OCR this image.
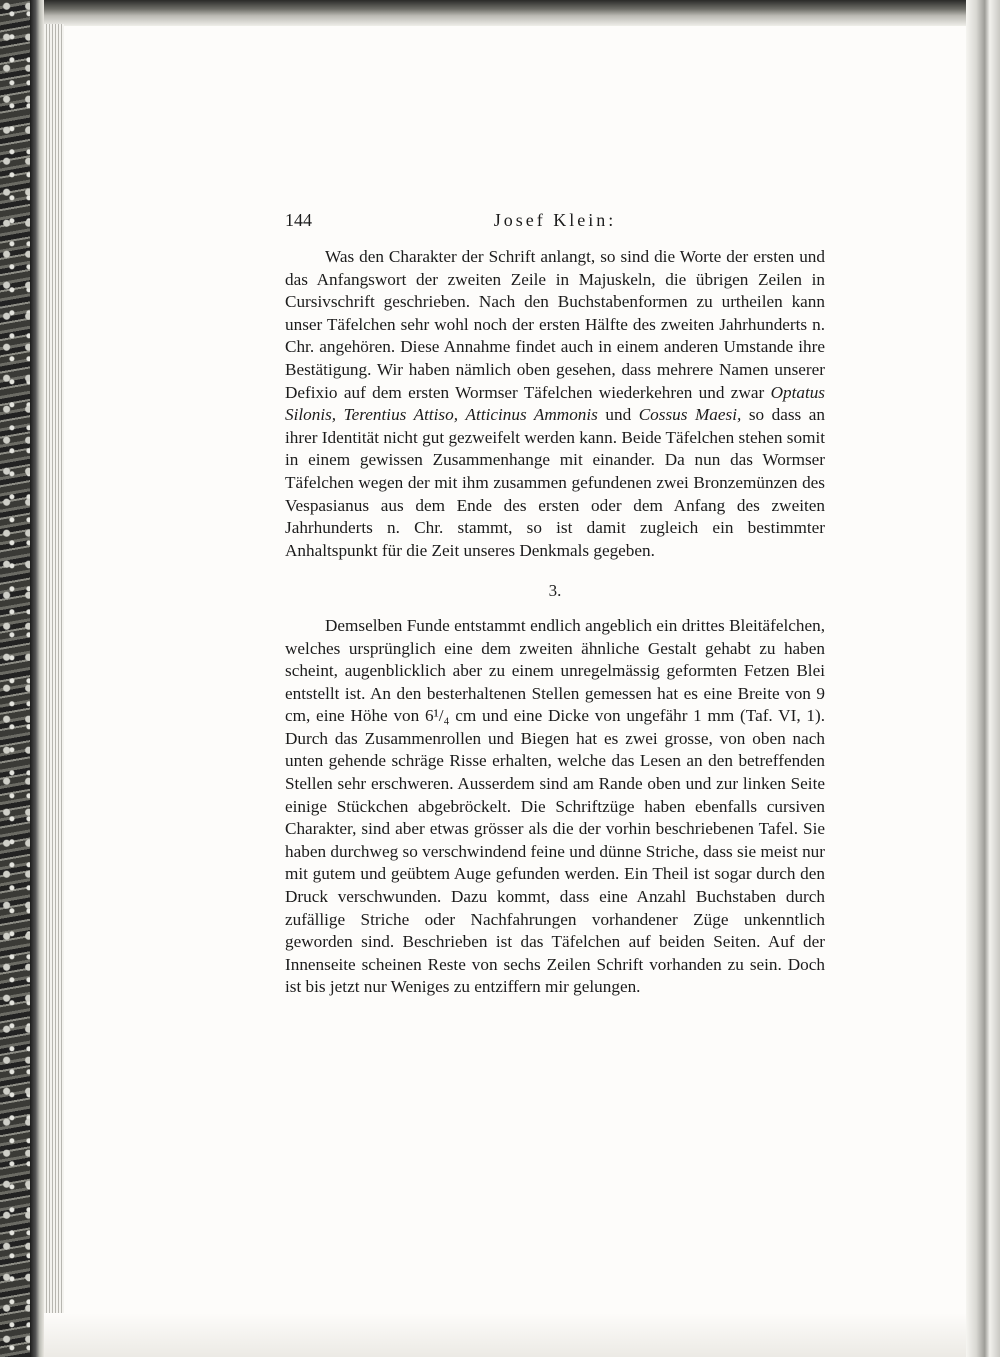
144	Josef Klein:

Was den Charakter der Schrift anlangt, so sind die Worte der ersten und das Anfangswort der zweiten Zeile in Majuskeln, die übrigen Zeilen in Cursivschrift geschrieben. Nach den Buchstabenformen zu urtheilen kann unser Täfelchen sehr wohl noch der ersten Hälfte des zweiten Jahrhunderts n. Chr. angehören. Diese Annahme findet auch in einem anderen Umstande ihre Bestätigung. Wir haben nämlich oben gesehen, dass mehrere Namen unserer Defixio auf dem ersten Wormser Täfelchen wiederkehren und zwar Optatus Silonis, Terentius Attiso, Atticinus Ammonis und Cossus Maesi, so dass an ihrer Identität nicht gut gezweifelt werden kann. Beide Täfelchen stehen somit in einem gewissen Zusammenhange mit einander. Da nun das Wormser Täfelchen wegen der mit ihm zusammen gefundenen zwei Bronzemünzen des Vespasianus aus dem Ende des ersten oder dem Anfang des zweiten Jahrhunderts n. Chr. stammt, so ist damit zugleich ein bestimmter Anhaltspunkt für die Zeit unseres Denkmals gegeben.

3.

Demselben Funde entstammt endlich angeblich ein drittes Bleitäfelchen, welches ursprünglich eine dem zweiten ähnliche Gestalt gehabt zu haben scheint, augenblicklich aber zu einem unregelmässig geformten Fetzen Blei entstellt ist. An den besterhaltenen Stellen gemessen hat es eine Breite von 9 cm, eine Höhe von 6¹/₄ cm und eine Dicke von ungefähr 1 mm (Taf. VI, 1). Durch das Zusammenrollen und Biegen hat es zwei grosse, von oben nach unten gehende schräge Risse erhalten, welche das Lesen an den betreffenden Stellen sehr erschweren. Ausserdem sind am Rande oben und zur linken Seite einige Stückchen abgebröckelt. Die Schriftzüge haben ebenfalls cursiven Charakter, sind aber etwas grösser als die der vorhin beschriebenen Tafel. Sie haben durchweg so verschwindend feine und dünne Striche, dass sie meist nur mit gutem und geübtem Auge gefunden werden. Ein Theil ist sogar durch den Druck verschwunden. Dazu kommt, dass eine Anzahl Buchstaben durch zufällige Striche oder Nachfahrungen vorhandener Züge unkenntlich geworden sind. Beschrieben ist das Täfelchen auf beiden Seiten. Auf der Innenseite scheinen Reste von sechs Zeilen Schrift vorhanden zu sein. Doch ist bis jetzt nur Weniges zu entziffern mir gelungen.
